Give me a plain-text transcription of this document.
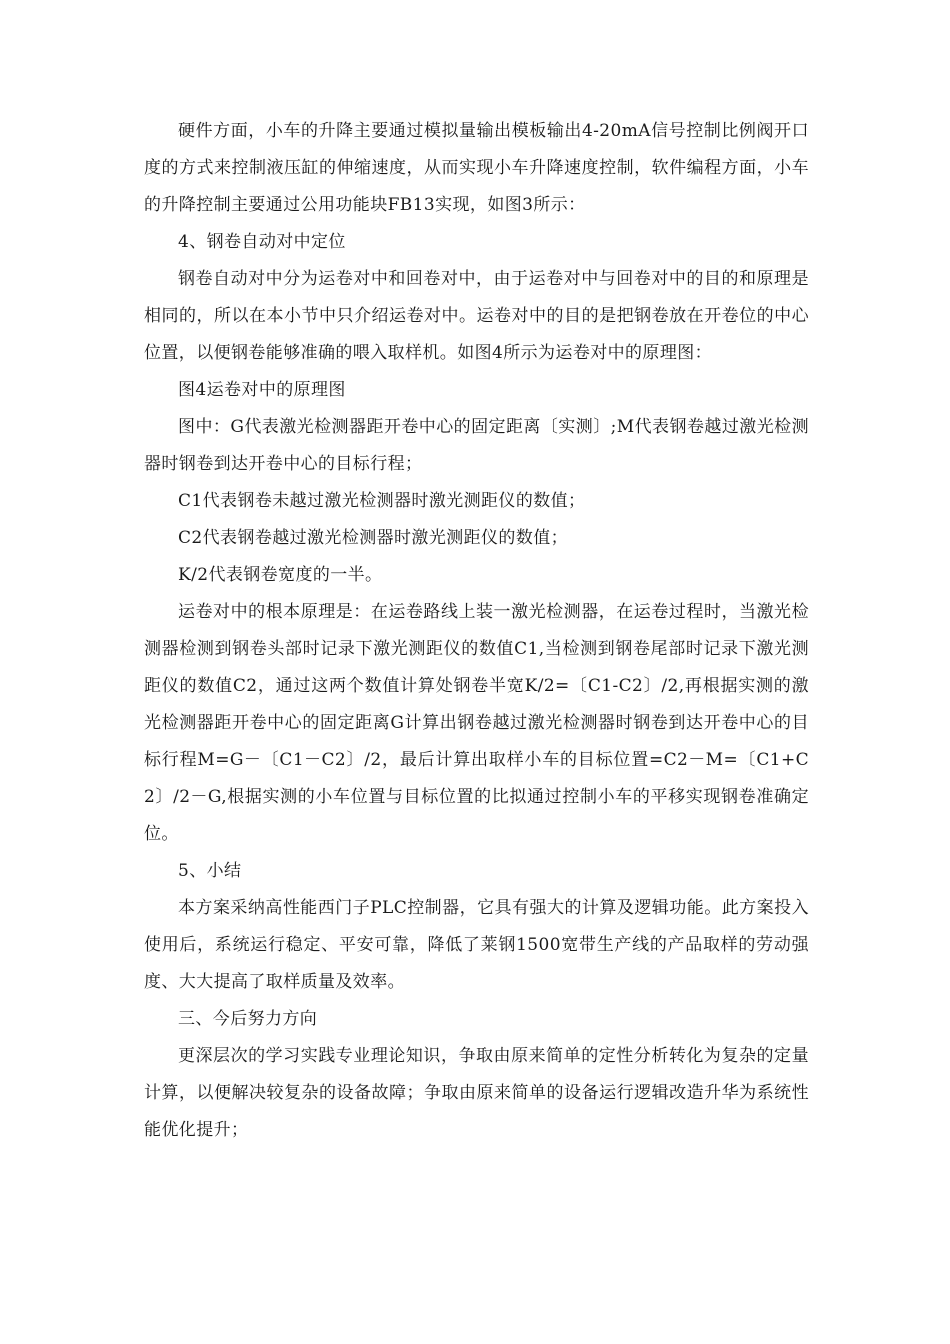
硬件方面，小车的升降主要通过模拟量输出模板输出4-20mA信号控制比例阀开口度的方式来控制液压缸的伸缩速度，从而实现小车升降速度控制，软件编程方面，小车的升降控制主要通过公用功能块FB13实现，如图3所示：

4、钢卷自动对中定位

钢卷自动对中分为运卷对中和回卷对中，由于运卷对中与回卷对中的目的和原理是相同的，所以在本小节中只介绍运卷对中。运卷对中的目的是把钢卷放在开卷位的中心位置，以便钢卷能够准确的喂入取样机。如图4所示为运卷对中的原理图：

图4运卷对中的原理图

图中：G代表激光检测器距开卷中心的固定距离〔实测〕;M代表钢卷越过激光检测器时钢卷到达开卷中心的目标行程；

C1代表钢卷未越过激光检测器时激光测距仪的数值；

C2代表钢卷越过激光检测器时激光测距仪的数值；

K/2代表钢卷宽度的一半。

运卷对中的根本原理是：在运卷路线上装一激光检测器，在运卷过程时，当激光检测器检测到钢卷头部时记录下激光测距仪的数值C1,当检测到钢卷尾部时记录下激光测距仪的数值C2，通过这两个数值计算处钢卷半宽K/2=〔C1-C2〕/2,再根据实测的激光检测器距开卷中心的固定距离G计算出钢卷越过激光检测器时钢卷到达开卷中心的目标行程M=G－〔C1－C2〕/2，最后计算出取样小车的目标位置=C2－M=〔C1+C2〕/2－G,根据实测的小车位置与目标位置的比拟通过控制小车的平移实现钢卷准确定位。

5、小结

本方案采纳高性能西门子PLC控制器，它具有强大的计算及逻辑功能。此方案投入使用后，系统运行稳定、平安可靠，降低了莱钢1500宽带生产线的产品取样的劳动强度、大大提高了取样质量及效率。

三、今后努力方向

更深层次的学习实践专业理论知识，争取由原来简单的定性分析转化为复杂的定量计算，以便解决较复杂的设备故障；争取由原来简单的设备运行逻辑改造升华为系统性能优化提升；
